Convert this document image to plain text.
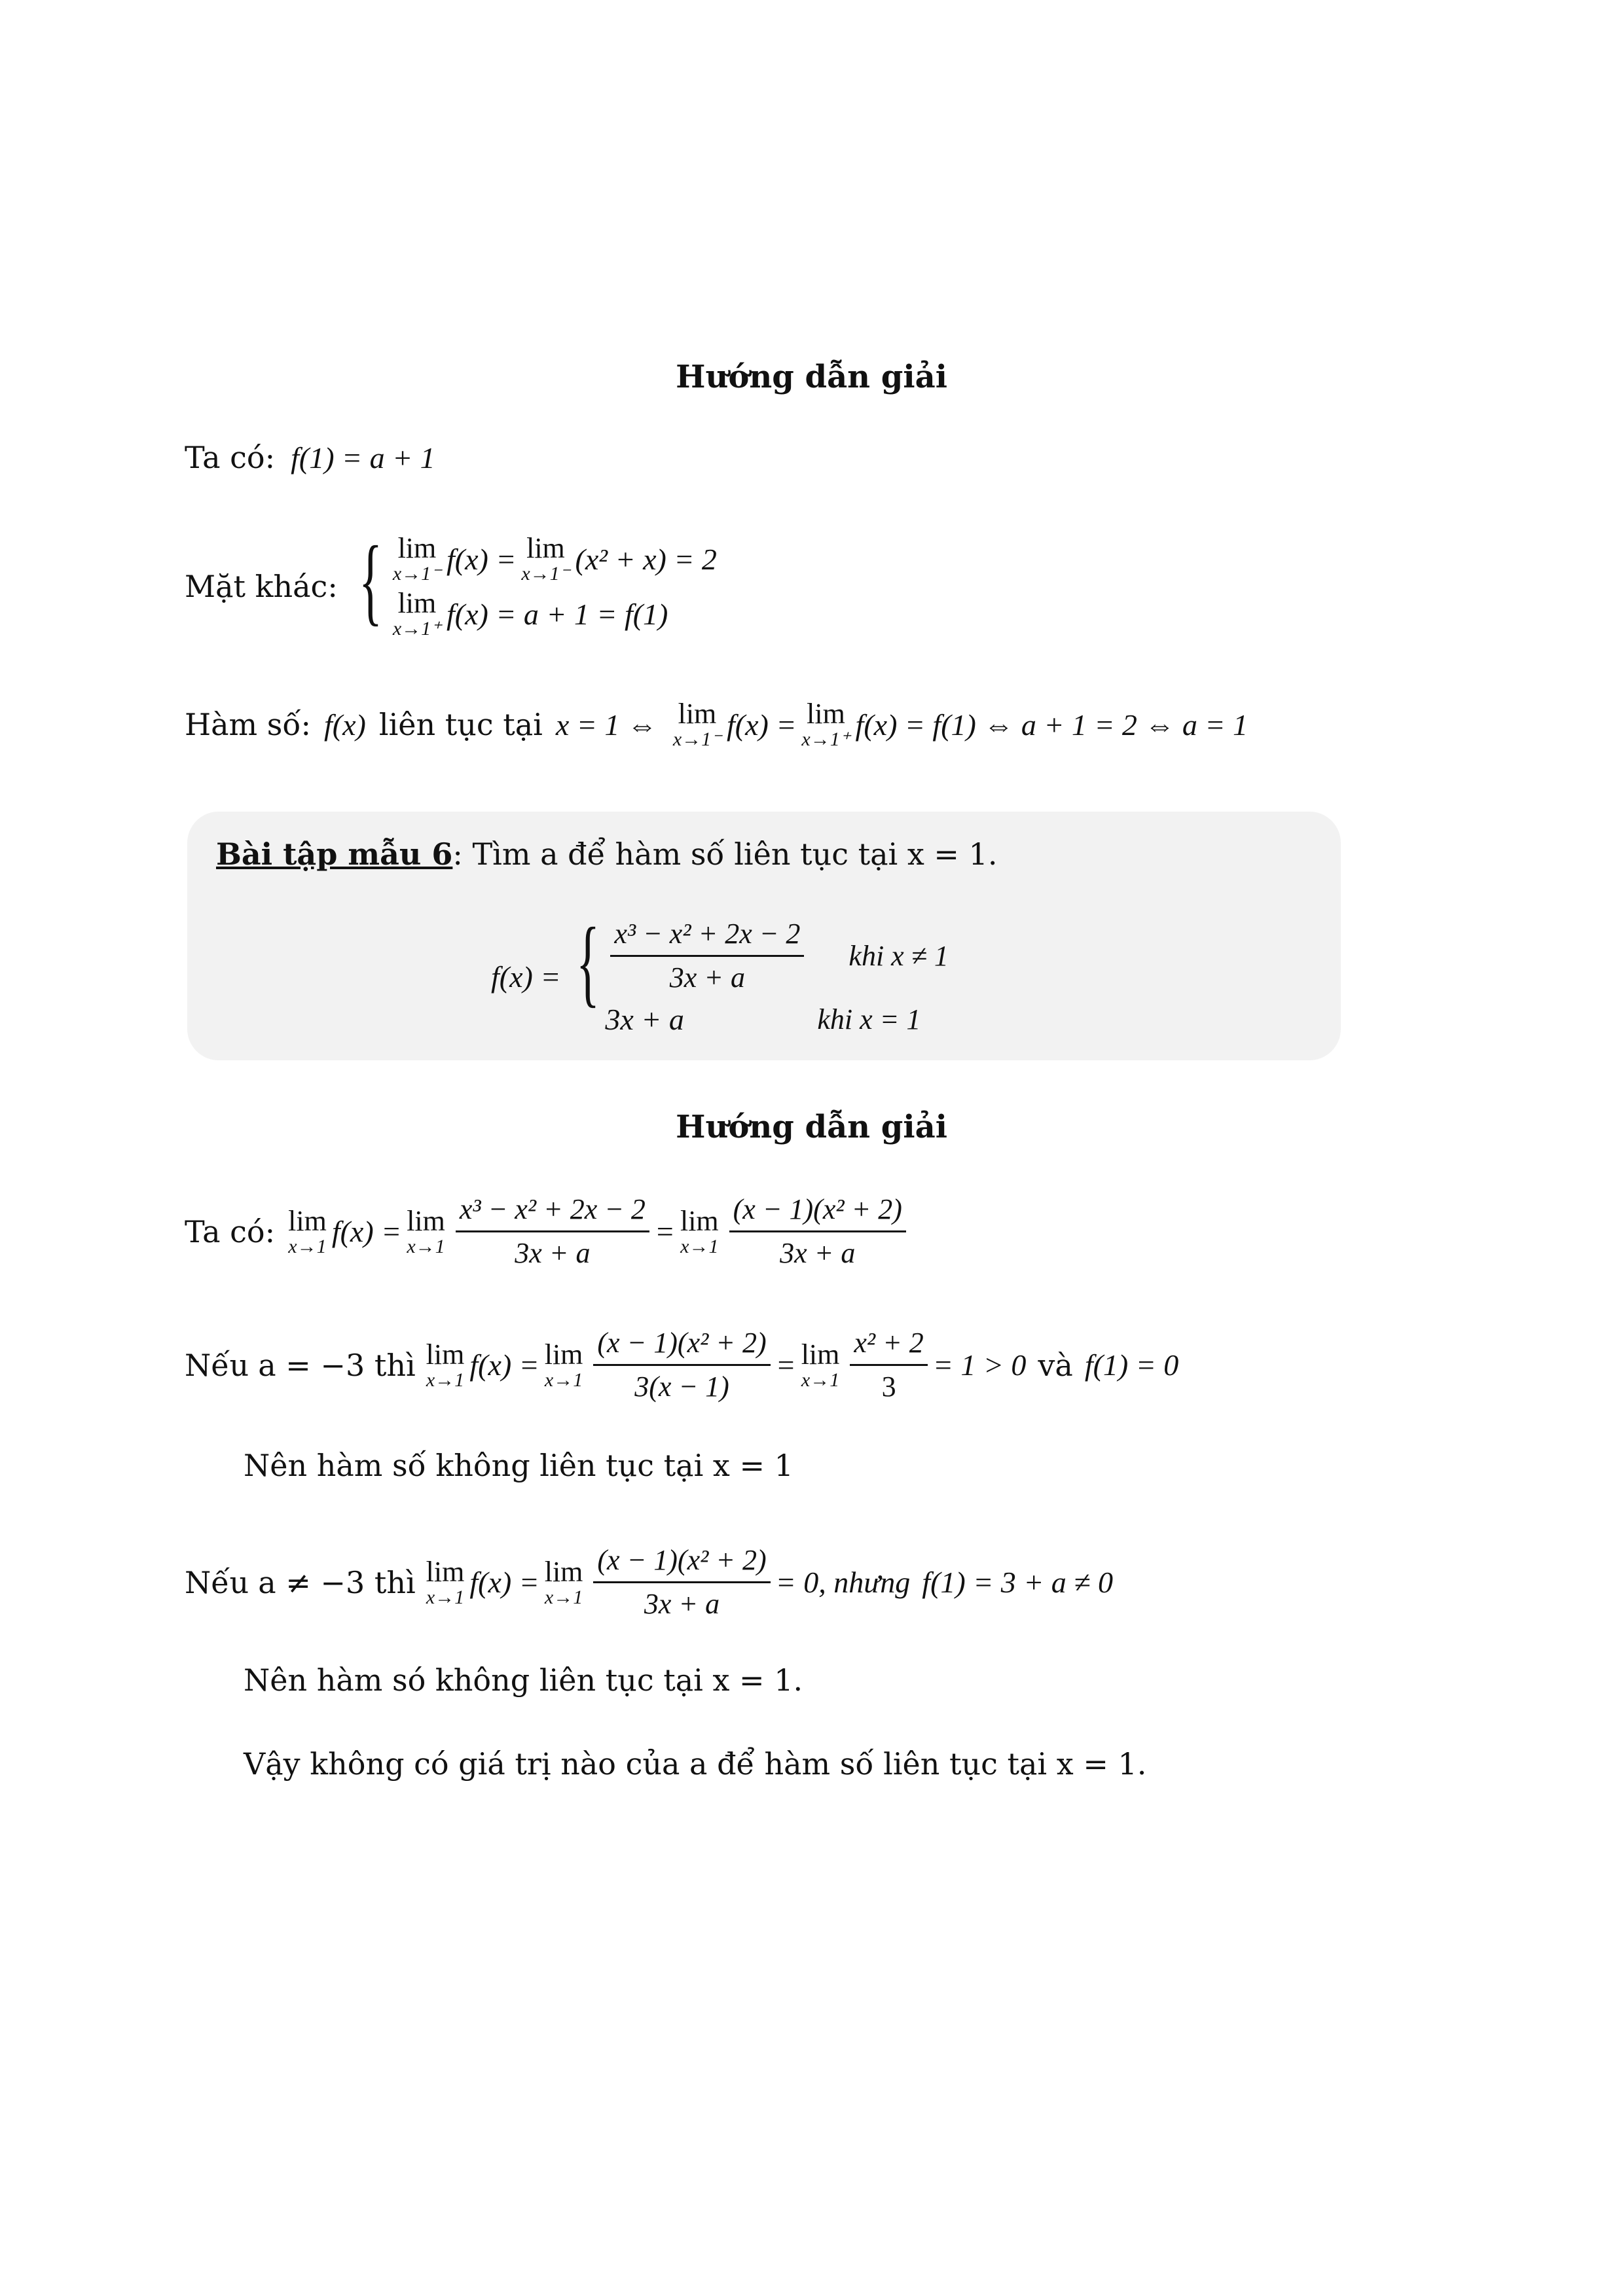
Hướng dẫn giải
Ta có: f(1) = a + 1
Mặt khác: { lim
x→1⁻ f(x) = lim
x→1⁻ (x² + x) = 2
lim
x→1⁺ f(x) = a + 1 = f(1)
Hàm số: f(x) liên tục tại x = 1 ⇔ lim
x→1⁻ f(x) = lim
x→1⁺ f(x) = f(1) ⇔ a + 1 = 2 ⇔ a = 1
Bài tập mẫu 6 : Tìm a để hàm số liên tục tại x = 1.
f(x) = { $\frac{\text{x³ − x² + 2x − 2}}{3x + a}$ khi x ≠ 1
3x + a	khi x = 1
Hướng dẫn giải
Ta có: lim
x→1 f(x) = lim
$x\to 1 \frac{\text{x³ − x² + 2x − 2}}{3x + a} = \lim$
$x\to 1 \frac{\text{(x − 1)(x² + 2)}}{3x + a}$
Nếu a = −3 thì lim
x→1 f(x) = lim
$x\to 1 \frac{\text{(x − 1)(x² + 2)}}{3(x - 1)} = \lim$
$x\to 1 \frac{\text{x² + 2}}{3} = 1 > 0$ và f(1) = 0
Nên hàm số không liên tục tại x = 1
Nếu a ≠ −3 thì lim
x→1 f(x) = lim
$x\to 1 \frac{\text{(x − 1)(x² + 2)}}{3x + a} = 0$, nhưng f(1) = 3 + a ≠ 0
Nên hàm só không liên tục tại x = 1.
Vậy không có giá trị nào của a để hàm số liên tục tại x = 1.
